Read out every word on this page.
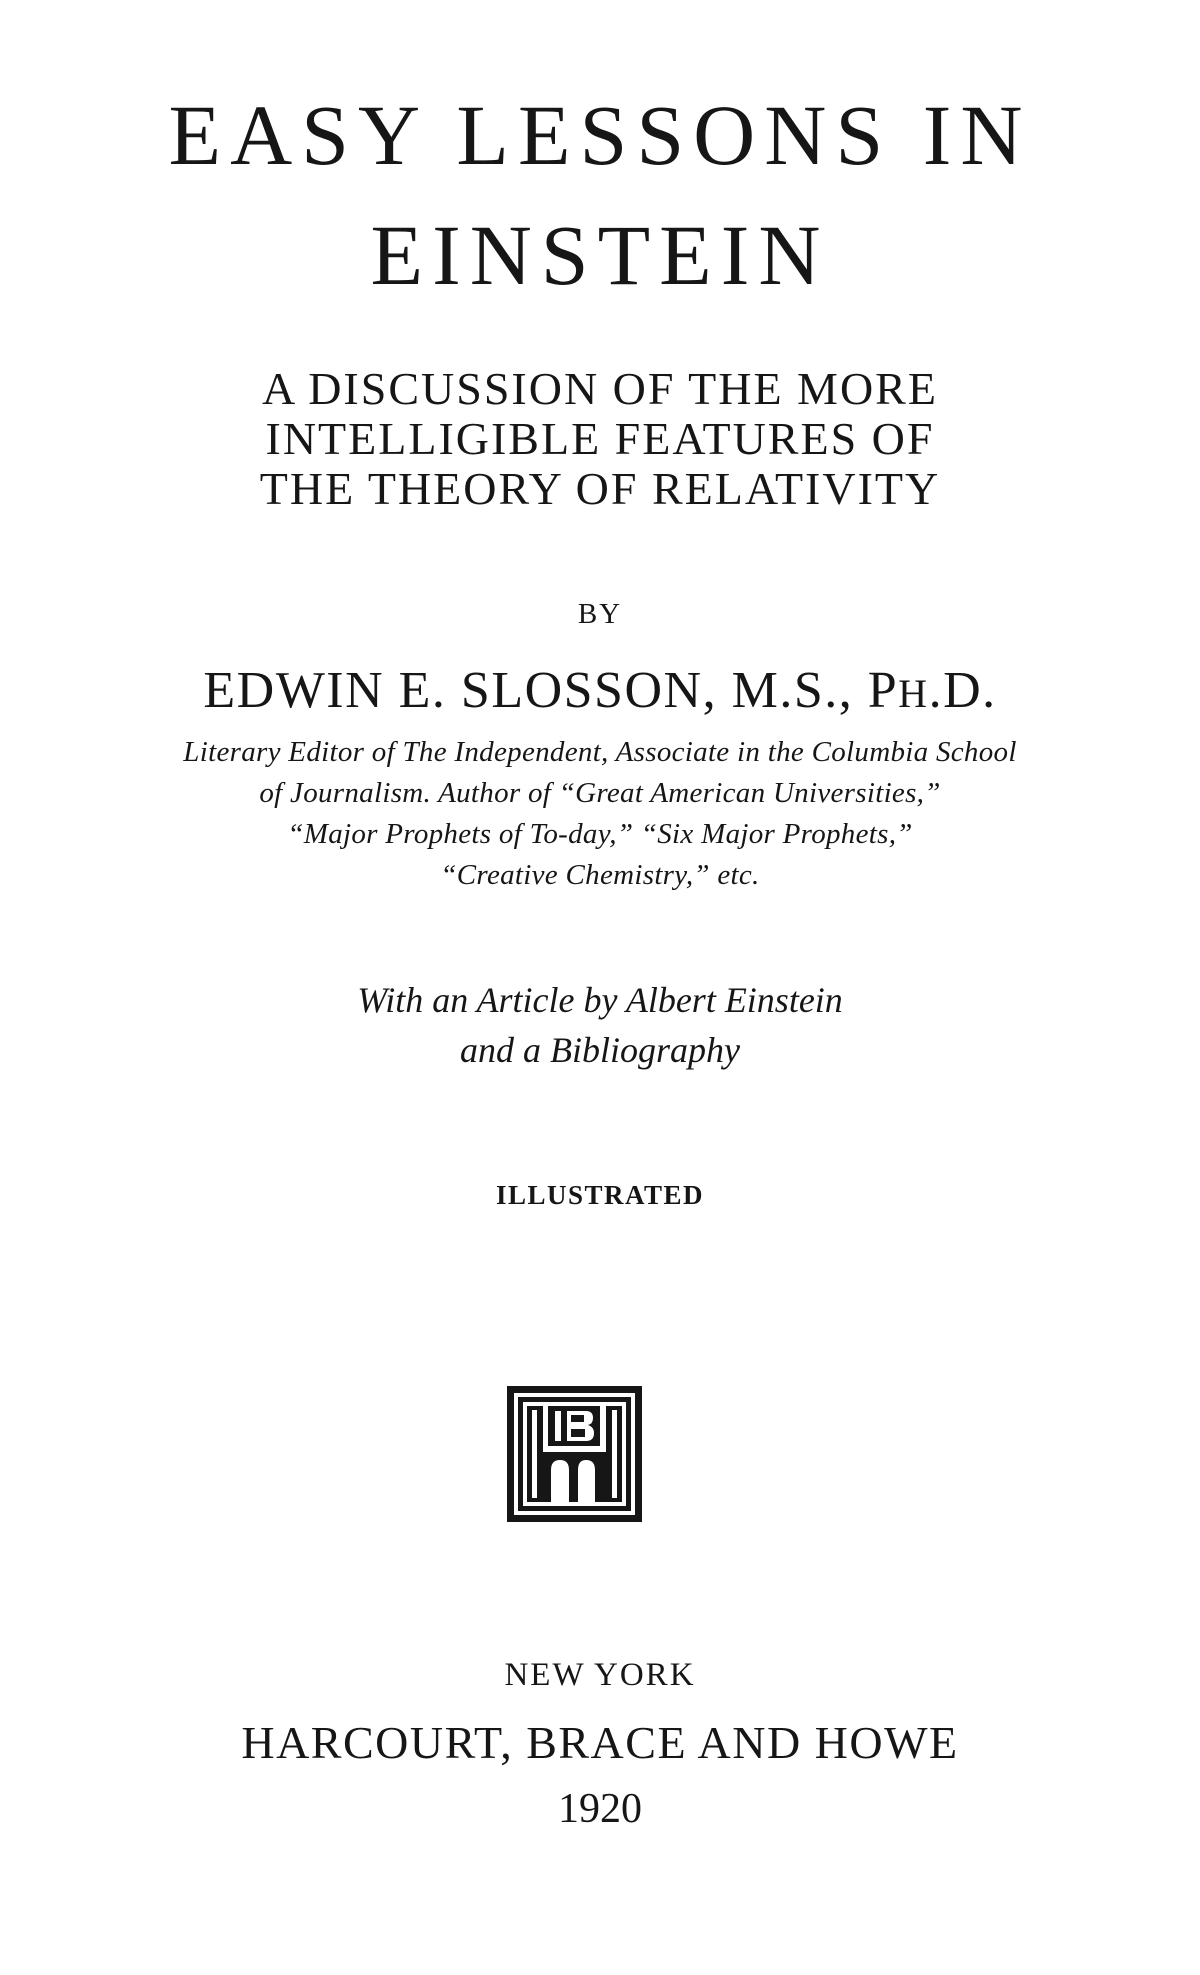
EASY LESSONS IN
EINSTEIN

A DISCUSSION OF THE MORE

INTELLIGIBLE FEATURES OF

THE THEORY OF RELATIVITY

BY

EDWIN E. SLOSSON, M.S., PH.D.

Literary Editor of The Independent, Associate in the Columbia School

of Journalism. Author of “Great American Universities,”

“Major Prophets of To-day,” “Six Major Prophets,”

“Creative Chemistry,” etc.

With an Article by Albert Einstein

and a Bibliography

ILLUSTRATED

NEW YORK

HARCOURT, BRACE AND HOWE

1920
